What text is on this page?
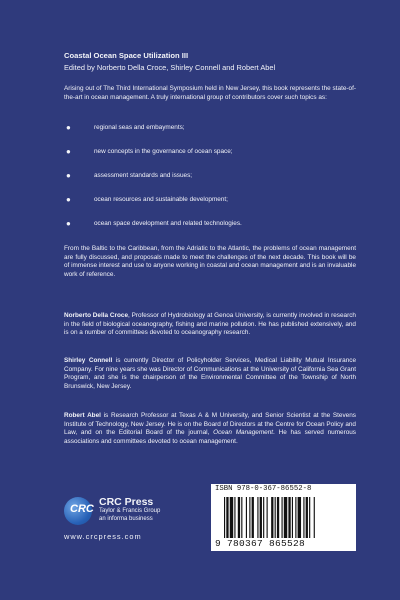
Coastal Ocean Space Utilization III
Edited by Norberto Della Croce, Shirley Connell and Robert Abel

Arising out of The Third International Symposium held in New Jersey, this book represents the state-of-the-art in ocean management. A truly international group of contributors cover such topics as:

●	regional seas and embayments;
●	new concepts in the governance of ocean space;
●	assessment standards and issues;
●	ocean resources and sustainable development;
●	ocean space development and related technologies.

From the Baltic to the Caribbean, from the Adriatic to the Atlantic, the problems of ocean management are fully discussed, and proposals made to meet the challenges of the next decade. This book will be of immense interest and use to anyone working in coastal and ocean management and is an invaluable work of reference.

Norberto Della Croce, Professor of Hydrobiology at Genoa University, is currently involved in research in the field of biological oceanography, fishing and marine pollution. He has published extensively, and is on a number of committees devoted to oceanography research.

Shirley Connell is currently Director of Policyholder Services, Medical Liability Mutual Insurance Company. For nine years she was Director of Communications at the University of California Sea Grant Program, and she is the chairperson of the Environmental Committee of the Township of North Brunswick, New Jersey.

Robert Abel is Research Professor at Texas A & M University, and Senior Scientist at the Stevens Institute of Technology, New Jersey. He is on the Board of Directors at the Centre for Ocean Policy and Law, and on the Editorial Board of the journal, Ocean Management. He has served numerous associations and committees devoted to ocean management.

CRC
CRC Press
Taylor & Francis Group
an informa business
www.crcpress.com
ISBN 978-0-367-86552-8
9 780367 865528
